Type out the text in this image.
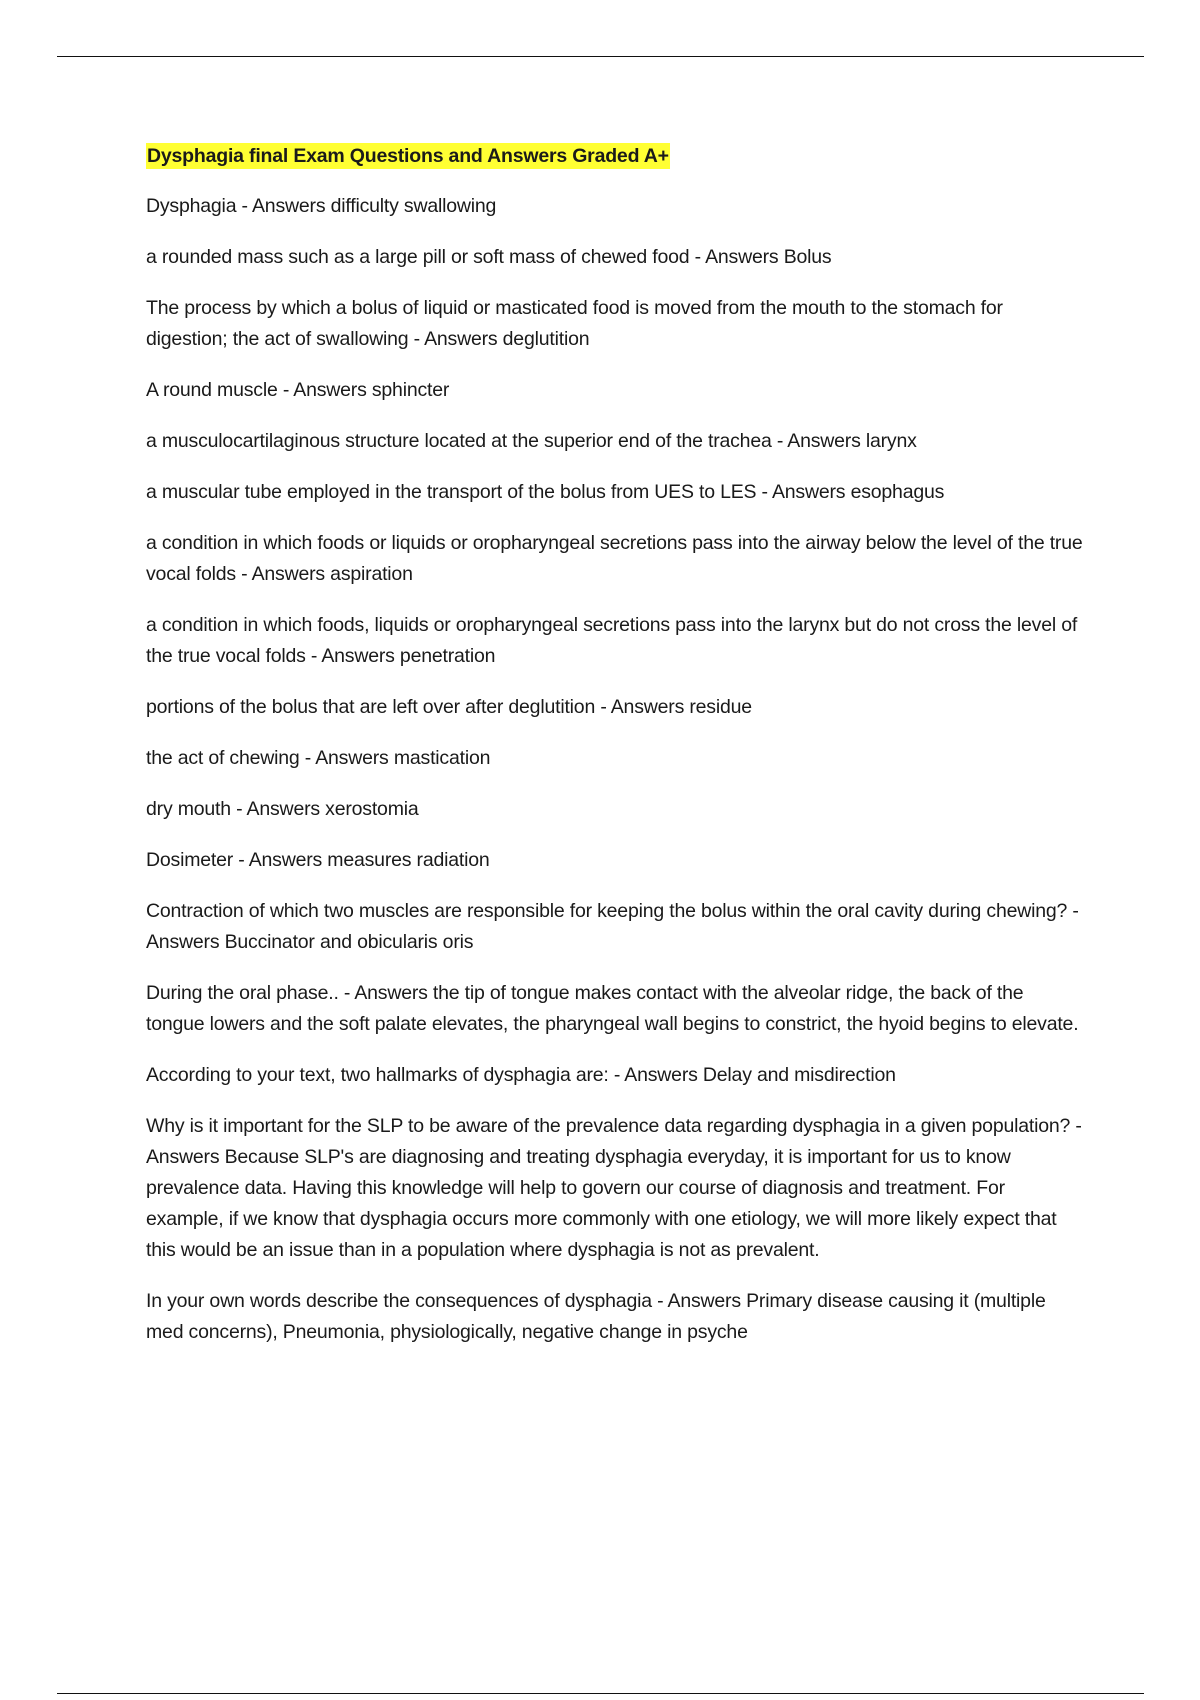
Dysphagia final Exam Questions and Answers Graded A+

Dysphagia - Answers difficulty swallowing

a rounded mass such as a large pill or soft mass of chewed food - Answers Bolus

The process by which a bolus of liquid or masticated food is moved from the mouth to the stomach for digestion; the act of swallowing - Answers deglutition

A round muscle - Answers sphincter

a musculocartilaginous structure located at the superior end of the trachea - Answers larynx

a muscular tube employed in the transport of the bolus from UES to LES - Answers esophagus

a condition in which foods or liquids or oropharyngeal secretions pass into the airway below the level of the true vocal folds - Answers aspiration

a condition in which foods, liquids or oropharyngeal secretions pass into the larynx but do not cross the level of the true vocal folds - Answers penetration

portions of the bolus that are left over after deglutition - Answers residue

the act of chewing - Answers mastication

dry mouth - Answers xerostomia

Dosimeter - Answers measures radiation

Contraction of which two muscles are responsible for keeping the bolus within the oral cavity during chewing? - Answers Buccinator and obicularis oris

During the oral phase.. - Answers the tip of tongue makes contact with the alveolar ridge, the back of the tongue lowers and the soft palate elevates, the pharyngeal wall begins to constrict, the hyoid begins to elevate.

According to your text, two hallmarks of dysphagia are: - Answers Delay and misdirection

Why is it important for the SLP to be aware of the prevalence data regarding dysphagia in a given population? - Answers Because SLP's are diagnosing and treating dysphagia everyday, it is important for us to know prevalence data. Having this knowledge will help to govern our course of diagnosis and treatment. For example, if we know that dysphagia occurs more commonly with one etiology, we will more likely expect that this would be an issue than in a population where dysphagia is not as prevalent.

In your own words describe the consequences of dysphagia - Answers Primary disease causing it (multiple med concerns), Pneumonia, physiologically, negative change in psyche
